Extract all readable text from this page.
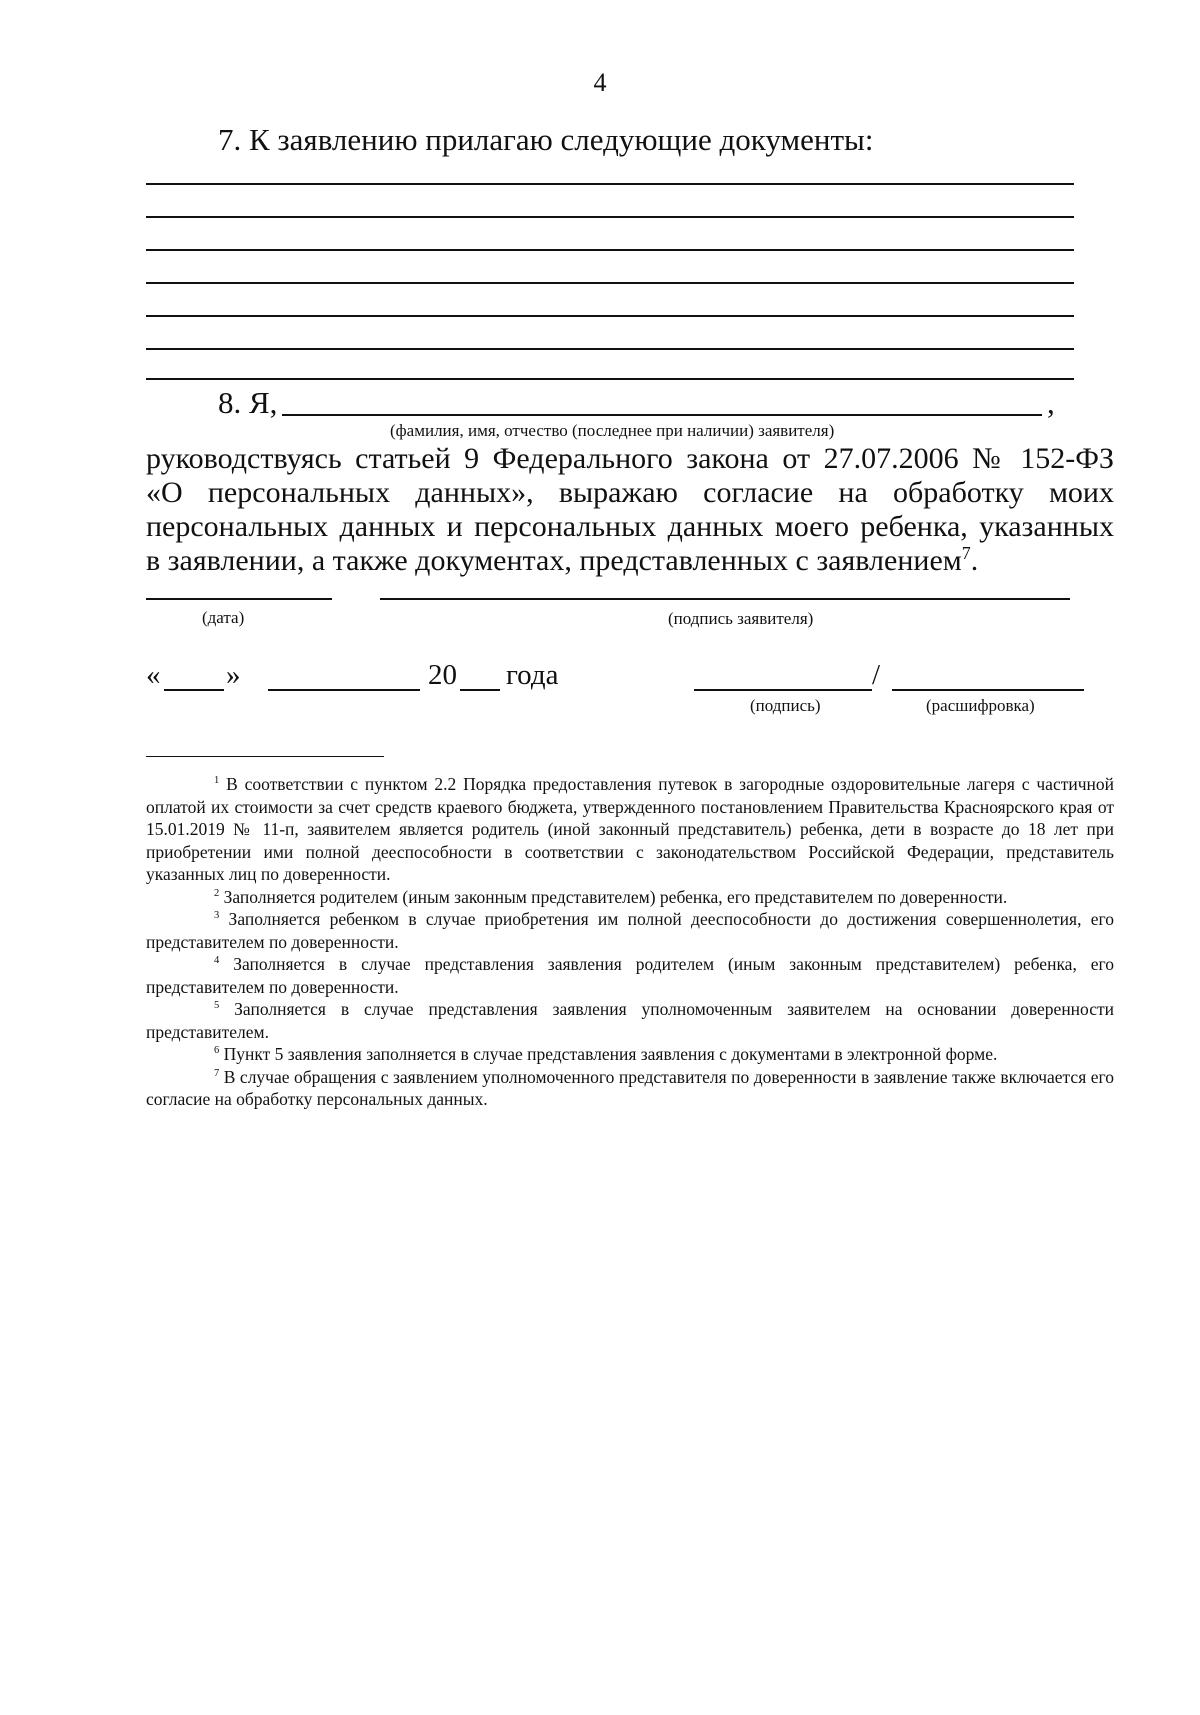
4
7. К заявлению прилагаю следующие документы:
8. Я,	,
(фамилия, имя, отчество (последнее при наличии) заявителя)

руководствуясь статьей 9 Федерального закона от 27.07.2006 № 152-ФЗ

«О персональных данных», выражаю согласие на обработку моих

персональных данных и персональных данных моего ребенка, указанных

в заявлении, а также документах, представленных с заявлением$^7$.

(дата)	(подпись заявителя)
« »	20 года	/
(подпись)	(расшифровка)

$^1$ В соответствии с пунктом 2.2 Порядка предоставления путевок в загородные оздоровительные лагеря с частичной оплатой их стоимости за счет средств краевого бюджета, утвержденного постановлением Правительства Красноярского края от 15.01.2019 № 11-п, заявителем является родитель (иной законный представитель) ребенка, дети в возрасте до 18 лет при приобретении ими полной дееспособности в соответствии с законодательством Российской Федерации, представитель указанных лиц по доверенности.

$^2$ Заполняется родителем (иным законным представителем) ребенка, его представителем по доверенности.

$^3$ Заполняется ребенком в случае приобретения им полной дееспособности до достижения совершеннолетия, его представителем по доверенности.

$^4$ Заполняется в случае представления заявления родителем (иным законным представителем) ребенка, его представителем по доверенности.

$^5$ Заполняется в случае представления заявления уполномоченным заявителем на основании доверенности представителем.

$^6$ Пункт 5 заявления заполняется в случае представления заявления с документами в электронной форме.

$^7$ В случае обращения с заявлением уполномоченного представителя по доверенности в заявление также включается его согласие на обработку персональных данных.
